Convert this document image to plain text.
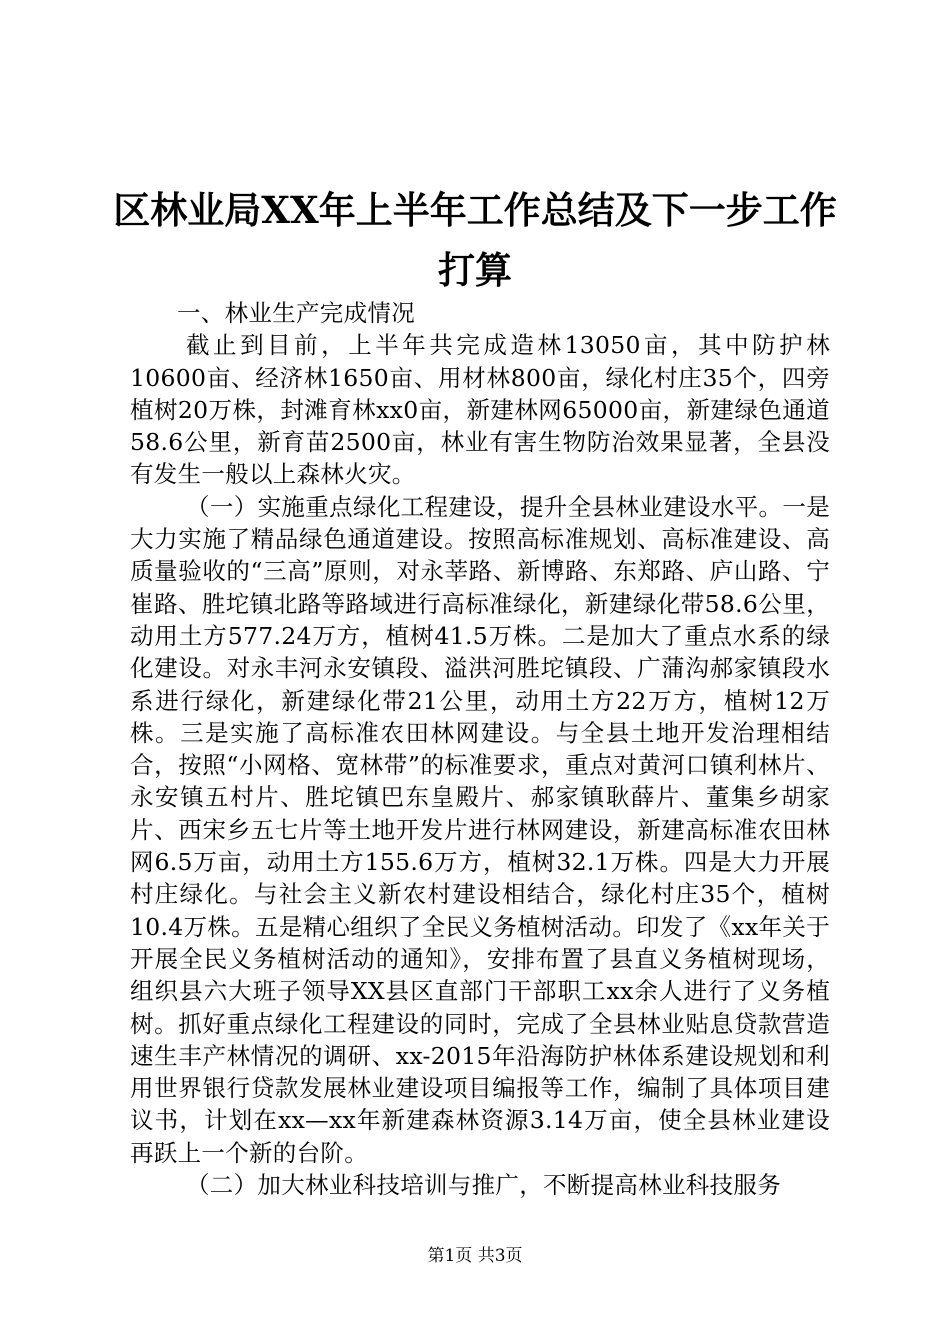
区林业局XX年上半年工作总结及下一步工作打算

一、林业生产完成情况

截止到目前，上半年共完成造林13050亩，其中防护林10600亩、经济林1650亩、用材林800亩，绿化村庄35个，四旁植树20万株，封滩育林xx0亩，新建林网65000亩，新建绿色通道58.6公里，新育苗2500亩，林业有害生物防治效果显著，全县没有发生一般以上森林火灾。

（一）实施重点绿化工程建设，提升全县林业建设水平。一是大力实施了精品绿色通道建设。按照高标准规划、高标准建设、高质量验收的“三高”原则，对永莘路、新博路、东郑路、庐山路、宁崔路、胜坨镇北路等路域进行高标准绿化，新建绿化带58.6公里，动用土方577.24万方，植树41.5万株。二是加大了重点水系的绿化建设。对永丰河永安镇段、溢洪河胜坨镇段、广蒲沟郝家镇段水系进行绿化，新建绿化带21公里，动用土方22万方，植树12万株。三是实施了高标准农田林网建设。与全县土地开发治理相结合，按照“小网格、宽林带”的标准要求，重点对黄河口镇利林片、永安镇五村片、胜坨镇巴东皇殿片、郝家镇耿薛片、董集乡胡家片、西宋乡五七片等土地开发片进行林网建设，新建高标准农田林网6.5万亩，动用土方155.6万方，植树32.1万株。四是大力开展村庄绿化。与社会主义新农村建设相结合，绿化村庄35个，植树10.4万株。五是精心组织了全民义务植树活动。印发了《xx年关于开展全民义务植树活动的通知》，安排布置了县直义务植树现场，组织县六大班子领导XX县区直部门干部职工xx余人进行了义务植树。抓好重点绿化工程建设的同时，完成了全县林业贴息贷款营造速生丰产林情况的调研、xx-2015年沿海防护林体系建设规划和利用世界银行贷款发展林业建设项目编报等工作，编制了具体项目建议书，计划在xx—xx年新建森林资源3.14万亩，使全县林业建设再跃上一个新的台阶。

（二）加大林业科技培训与推广，不断提高林业科技服务

第1页 共3页
